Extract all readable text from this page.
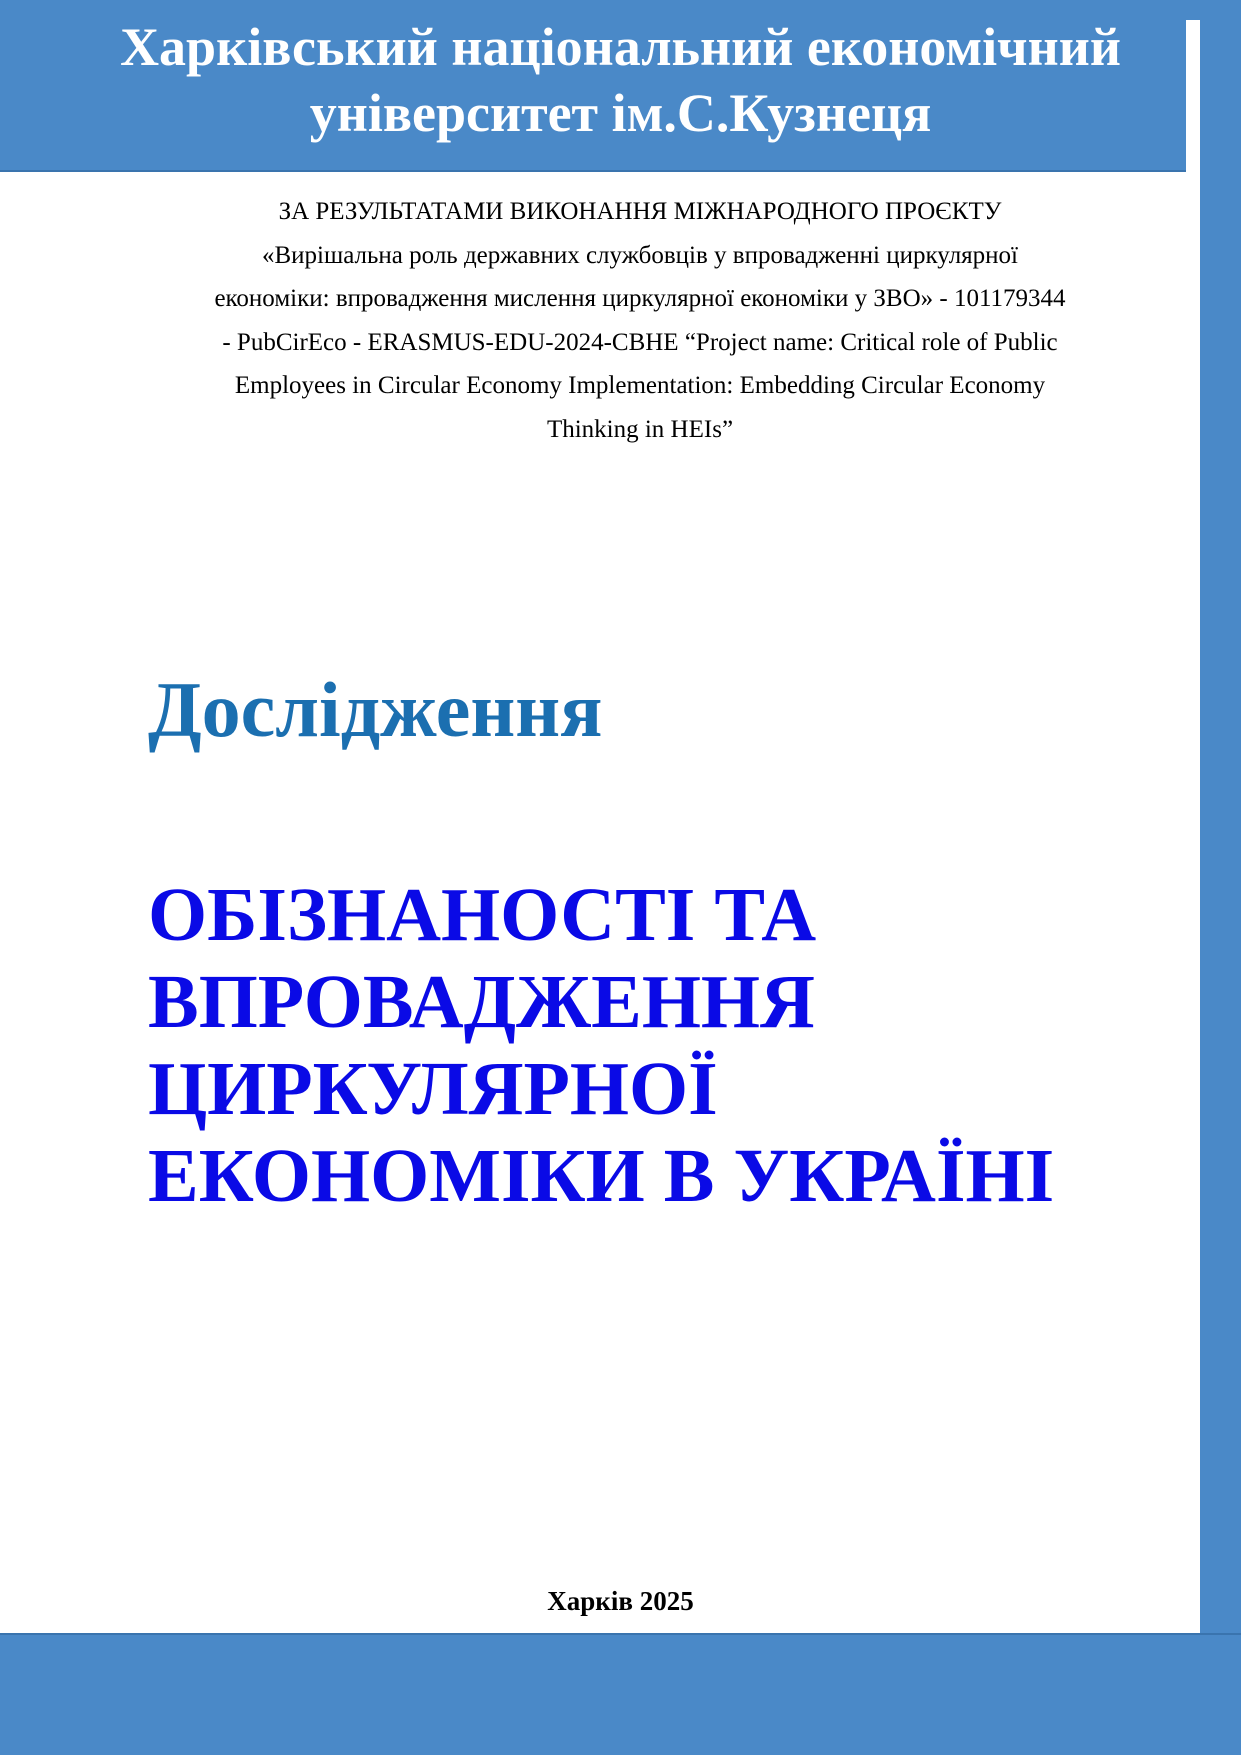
Харківський національний економічний
університет ім.С.Кузнеця

ЗА РЕЗУЛЬТАТАМИ ВИКОНАННЯ МІЖНАРОДНОГО ПРОЄКТУ

«Вирішальна роль державних службовців у впровадженні циркулярної

економіки: впровадження мислення циркулярної економіки у ЗВО» - 101179344

- PubCirEco - ERASMUS-EDU-2024-CBHE “Project name: Critical role of Public

Employees in Circular Economy Implementation: Embedding Circular Economy

Thinking in HEIs”

Дослідження
ОБІЗНАНОСТІ ТА
ВПРОВАДЖЕННЯ
ЦИРКУЛЯРНОЇ
ЕКОНОМІКИ В УКРАЇНІ

Харків 2025
